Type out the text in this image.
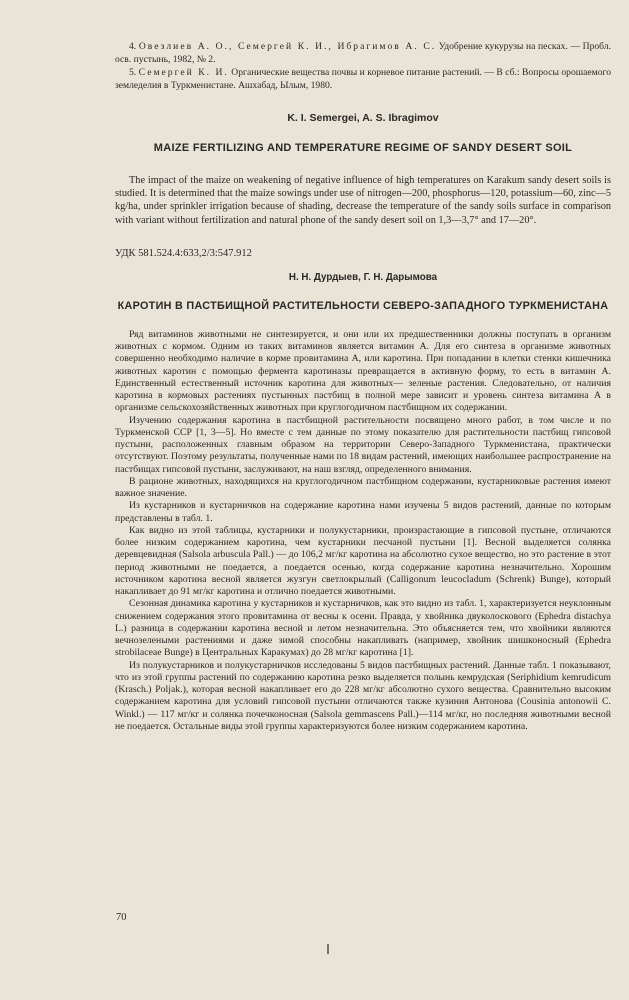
4. Овезлиев А. О., Семергей К. И., Ибрагимов А. С. Удобрение кукурузы на песках. — Пробл. осв. пустынь, 1982, № 2.

5. Семергей К. И. Органические вещества почвы и корневое питание растений. — В сб.: Вопросы орошаемого земледелия в Туркменистане. Ашхабад, Ылым, 1980.

K. I. Semergei, A. S. Ibragimov
MAIZE FERTILIZING AND TEMPERATURE REGIME OF SANDY DESERT SOIL

The impact of the maize on weakening of negative influence of high temperatures on Karakum sandy desert soils is studied. It is determined that the maize sowings under use of nitrogen—200, phosphorus—120, potassium—60, zinc—5 kg/ha, under sprinkler irrigation because of shading, decrease the temperature of the sandy soils surface in comparison with variant without fertilization and natural phone of the sandy desert soil on 1,3—3,7° and 17—20°.

УДК 581.524.4:633,2/3:547.912
Н. Н. Дурдыев, Г. Н. Дарымова
КАРОТИН В ПАСТБИЩНОЙ РАСТИТЕЛЬНОСТИ СЕВЕРО-ЗАПАДНОГО ТУРКМЕНИСТАНА

Ряд витаминов животными не синтезируется, и они или их предшественники должны поступать в организм животных с кормом. Одним из таких витаминов является витамин А. Для его синтеза в организме животных совершенно необходимо наличие в корме провитамина А, или каротина. При попадании в клетки стенки кишечника животных каротин с помощью фермента каротиназы превращается в активную форму, то есть в витамин А. Единственный естественный источник каротина для животных— зеленые растения. Следовательно, от наличия каротина в кормовых растениях пустынных пастбищ в полной мере зависит и уровень синтеза витамина А в организме сельскохозяйственных животных при круглогодичном пастбищном их содержании.

Изучению содержания каротина в пастбищной растительности посвящено много работ, в том числе и по Туркменской ССР [1, 3—5]. Но вместе с тем данные по этому показателю для растительности пастбищ гипсовой пустыни, расположенных главным образом на территории Северо-Западного Туркменистана, практически отсутствуют. Поэтому результаты, полученные нами по 18 видам растений, имеющих наибольшее распространение на пастбищах гипсовой пустыни, заслуживают, на наш взгляд, определенного внимания.

В рационе животных, находящихся на круглогодичном пастбищном содержании, кустарниковые растения имеют важное значение.

Из кустарников и кустарничков на содержание каротина нами изучены 5 видов растений, данные по которым представлены в табл. 1.

Как видно из этой таблицы, кустарники и полукустарники, произрастающие в гипсовой пустыне, отличаются более низким содержанием каротина, чем кустарники песчаной пустыни [1]. Весной выделяется солянка деревцевидная (Salsola arbuscula Pall.) — до 106,2 мг/кг каротина на абсолютно сухое вещество, но это растение в этот период животными не поедается, а поедается осенью, когда содержание каротина незначительно. Хорошим источником каротина весной является жузгун светлокрылый (Calligonum leucocladum (Schrenk) Bunge), который накапливает до 91 мг/кг каротина и отлично поедается животными.

Сезонная динамика каротина у кустарников и кустарничков, как это видно из табл. 1, характеризуется неуклонным снижением содержания этого провитамина от весны к осени. Правда, у хвойника двуколоскового (Ephedra distachya L.) разница в содержании каротина весной и летом незначительна. Это объясняется тем, что хвойники являются вечнозелеными растениями и даже зимой способны накапливать (например, хвойник шишконосный (Ephedra strobilaceae Bunge) в Центральных Каракумах) до 28 мг/кг каротина [1].

Из полукустарников и полукустарничков исследованы 5 видов пастбищных растений. Данные табл. 1 показывают, что из этой группы растений по содержанию каротина резко выделяется полынь кемрудская (Seriphidium kemrudicum (Krasch.) Poljak.), которая весной накапливает его до 228 мг/кг абсолютно сухого вещества. Сравнительно высоким содержанием каротина для условий гипсовой пустыни отличаются также кузиния Антонова (Cousinia antonowii C. Winkl.) — 117 мг/кг и солянка почечконосная (Salsola gemmascens Pall.)—114 мг/кг, но последняя животными весной не поедается. Остальные виды этой группы характеризуются более низким содержанием каротина.

70
